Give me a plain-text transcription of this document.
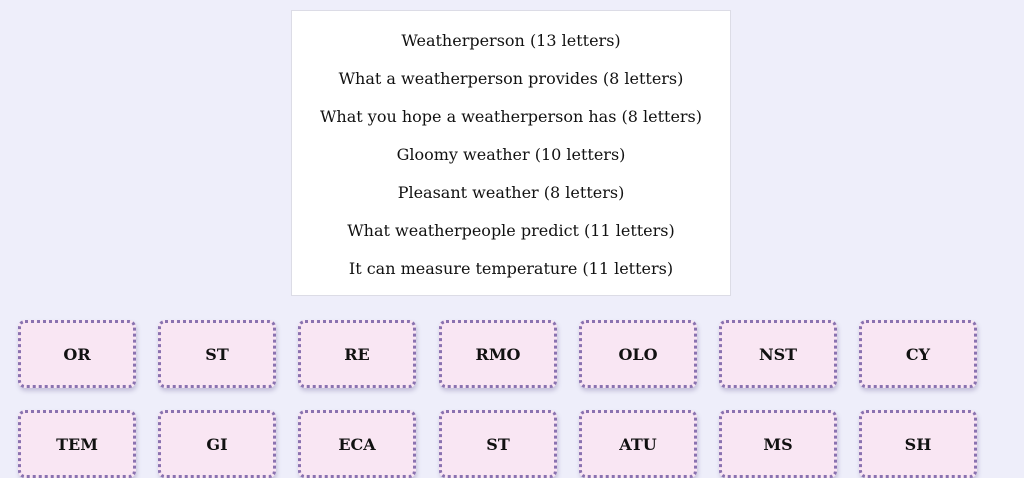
Weatherperson (13 letters)
What a weatherperson provides (8 letters)
What you hope a weatherperson has (8 letters)
Gloomy weather (10 letters)
Pleasant weather (8 letters)
What weatherpeople predict (11 letters)
It can measure temperature (11 letters)
OR	ST	RE	RMO	OLO	NST	CY
TEM	GI	ECA	ST	ATU	MS	SH
